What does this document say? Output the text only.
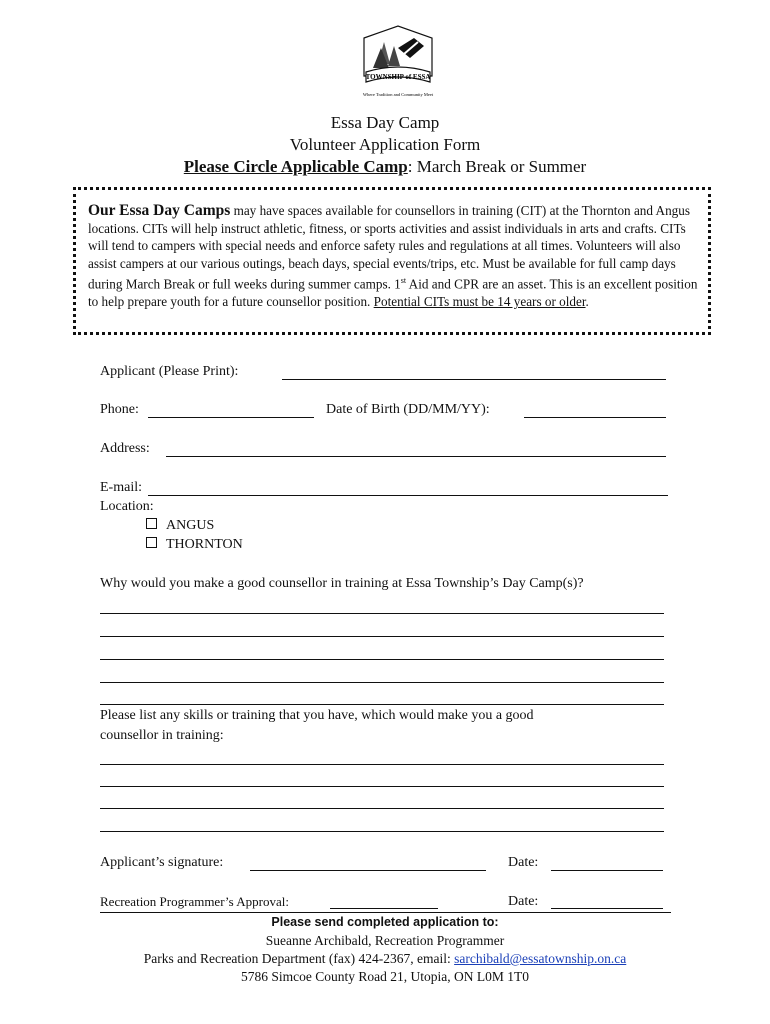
TOWNSHIP of ESSA
Where Tradition and Community Meet
Essa Day Camp
Volunteer Application Form
Please Circle Applicable Camp: March Break or Summer
Our Essa Day Camps may have spaces available for counsellors in training (CIT) at the Thornton and Angus locations. CITs will help instruct athletic, fitness, or sports activities and assist individuals in arts and crafts. CITs will tend to campers with special needs and enforce safety rules and regulations at all times. Volunteers will also assist campers at our various outings, beach days, special events/trips, etc. Must be available for full camp days during March Break or full weeks during summer camps. 1st Aid and CPR are an asset. This is an excellent position to help prepare youth for a future counsellor position. Potential CITs must be 14 years or older.
Applicant (Please Print):
Phone:	Date of Birth (DD/MM/YY):
Address:
E-mail:
Location:
ANGUS
THORNTON
Why would you make a good counsellor in training at Essa Township’s Day Camp(s)?
Please list any skills or training that you have, which would make you a good
counsellor in training:
Applicant’s signature:	Date:
Recreation Programmer’s Approval:	Date:
Please send completed application to:
Sueanne Archibald, Recreation Programmer
Parks and Recreation Department (fax) 424-2367, email: sarchibald@essatownship.on.ca
5786 Simcoe County Road 21, Utopia, ON L0M 1T0
